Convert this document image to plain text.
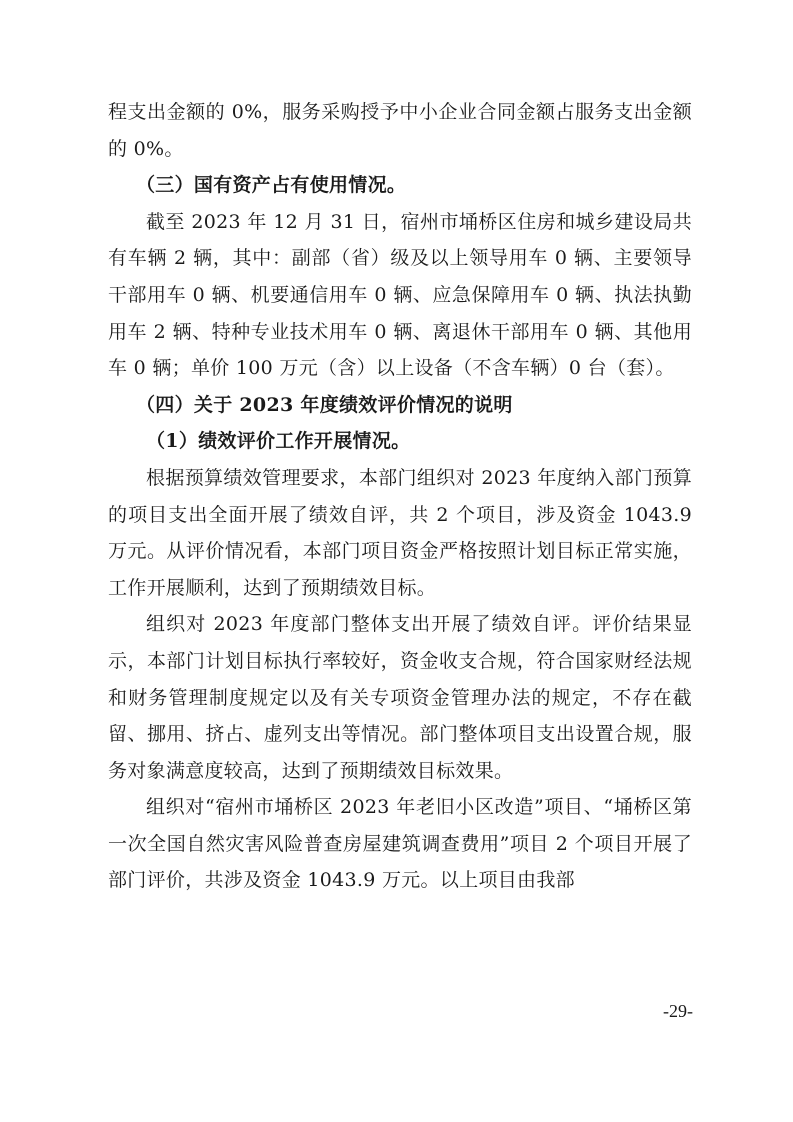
程支出金额的 0%，服务采购授予中小企业合同金额占服务支出金额的 0%。

（三）国有资产占有使用情况。

截至 2023 年 12 月 31 日，宿州市埇桥区住房和城乡建设局共有车辆 2 辆，其中：副部（省）级及以上领导用车 0 辆、主要领导干部用车 0 辆、机要通信用车 0 辆、应急保障用车 0 辆、执法执勤用车 2 辆、特种专业技术用车 0 辆、离退休干部用车 0 辆、其他用车 0 辆；单价 100 万元（含）以上设备（不含车辆）0 台（套）。

（四）关于 2023 年度绩效评价情况的说明

（1）绩效评价工作开展情况。

根据预算绩效管理要求，本部门组织对 2023 年度纳入部门预算的项目支出全面开展了绩效自评，共 2 个项目，涉及资金 1043.9 万元。从评价情况看，本部门项目资金严格按照计划目标正常实施，工作开展顺利，达到了预期绩效目标。

组织对 2023 年度部门整体支出开展了绩效自评。评价结果显示，本部门计划目标执行率较好，资金收支合规，符合国家财经法规和财务管理制度规定以及有关专项资金管理办法的规定，不存在截留、挪用、挤占、虚列支出等情况。部门整体项目支出设置合规，服务对象满意度较高，达到了预期绩效目标效果。

组织对“宿州市埇桥区 2023 年老旧小区改造”项目、“埇桥区第一次全国自然灾害风险普查房屋建筑调查费用”项目 2 个项目开展了部门评价，共涉及资金 1043.9 万元。以上项目由我部

-29-
